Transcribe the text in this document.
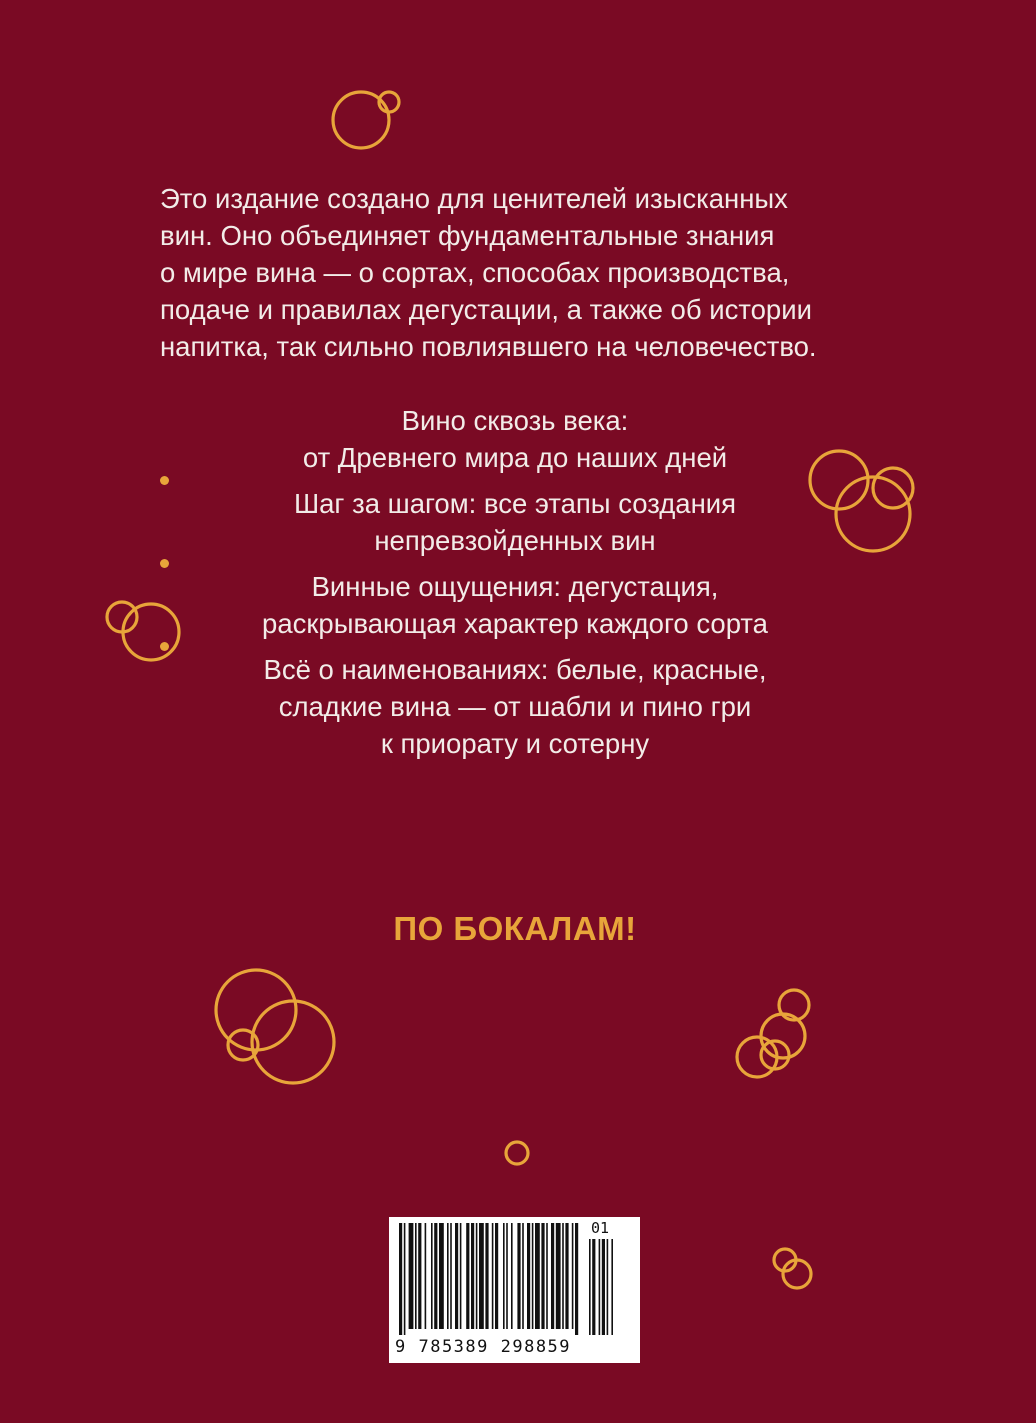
Это издание создано для ценителей изысканных
вин. Оно объединяет фундаментальные знания
о мире вина — о сортах, способах производства,
подаче и правилах дегустации, а также об истории
напитка, так сильно повлиявшего на человечество.

Вино сквозь века:
от Древнего мира до наших дней
Шаг за шагом: все этапы создания
непревзойденных вин
Винные ощущения: дегустация,
раскрывающая характер каждого сорта
Всё о наименованиях: белые, красные,
сладкие вина — от шабли и пино гри
к приорату и сотерну

ПО БОКАЛАМ!

01
9 785389 298859
